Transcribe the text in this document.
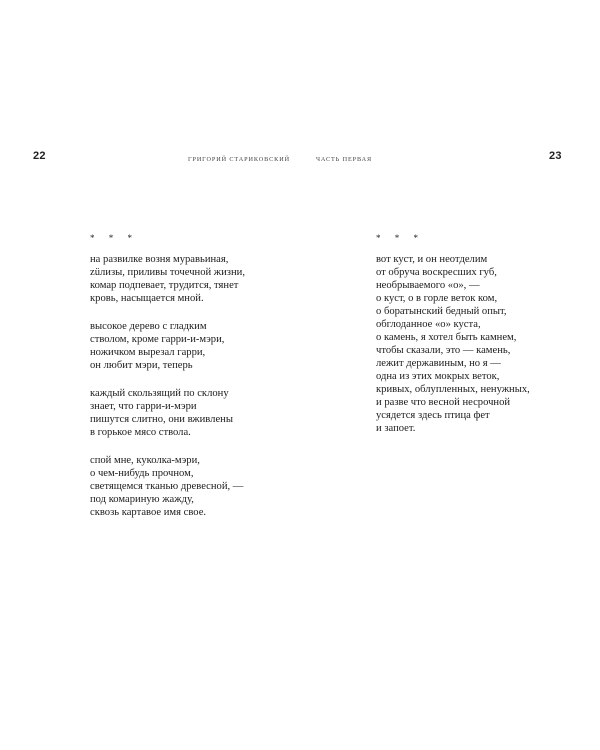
22	ГРИГОРИЙ СТАРИКОВСКИЙ	ЧАСТЬ ПЕРВАЯ	23
* * *	* * *
на развилке возня муравьиная,
züлизы, приливы точечной жизни,
комар подпевает, трудится, тянет
кровь, насыщается мной.
высокое дерево с гладким
стволом, кроме гарри-и-мэри,
ножичком вырезал гарри,
он любит мэри, теперь
каждый скользящий по склону
знает, что гарри-и-мэри
пишутся слитно, они вживлены
в горькое мясо ствола.
спой мне, куколка-мэри,
о чем-нибудь прочном,
светящемся тканью древесной, —
под комариную жажду,
сквозь картавое имя свое.
вот куст, и он неотделим
от обруча воскресших губ,
необрываемого «о», —
о куст, о в горле веток ком,
о боратынский бедный опыт,
обглоданное «о» куста,
о камень, я хотел быть камнем,
чтобы сказали, это — камень,
лежит державиным, но я —
одна из этих мокрых веток,
кривых, облупленных, ненужных,
и разве что весной несрочной
усядется здесь птица фет
и запоет.
